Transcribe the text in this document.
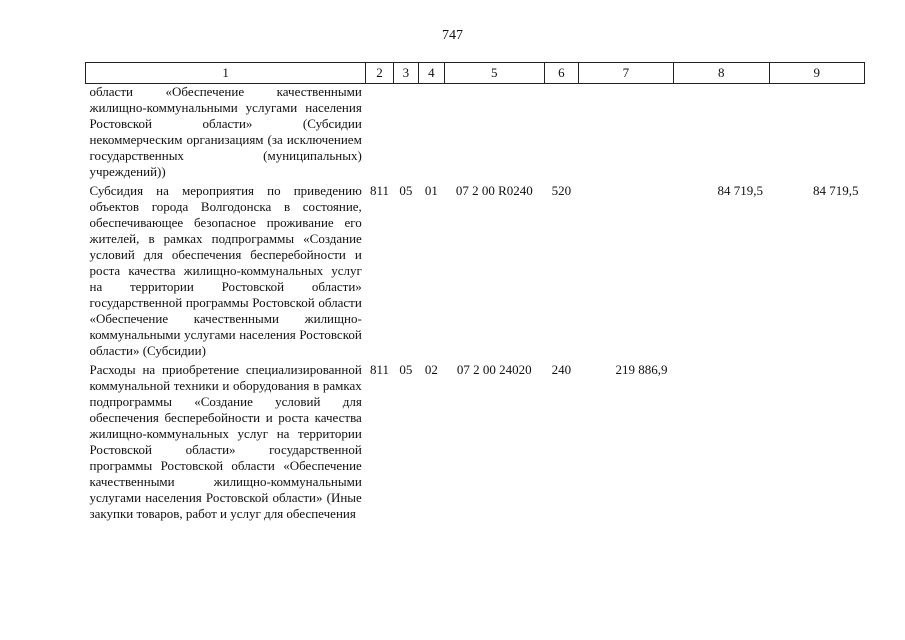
747
1	2	3	4	5	6	7	8	9
области «Обеспечение качественными жилищно-коммунальными услугами населения Ростовской области» (Субсидии некоммерческим организациям (за исключением государственных (муниципальных) учреждений))								
Субсидия на мероприятия по приведению объектов города Волгодонска в состояние, обеспечивающее безопасное проживание его жителей, в рамках подпрограммы «Создание условий для обеспечения бесперебойности и роста качества жилищно-коммунальных услуг на территории Ростовской области» государственной программы Ростовской области «Обеспечение качественными жилищно-коммунальными услугами населения Ростовской области» (Субсидии)	811	05	01	07 2 00 R0240	520		84 719,5	84 719,5
Расходы на приобретение специализированной коммунальной техники и оборудования в рамках подпрограммы «Создание условий для обеспечения бесперебойности и роста качества жилищно-коммунальных услуг на территории Ростовской области» государственной программы Ростовской области «Обеспечение качественными жилищно-коммунальными услугами населения Ростовской области» (Иные закупки товаров, работ и услуг для обеспечения	811	05	02	07 2 00 24020	240	219 886,9		
